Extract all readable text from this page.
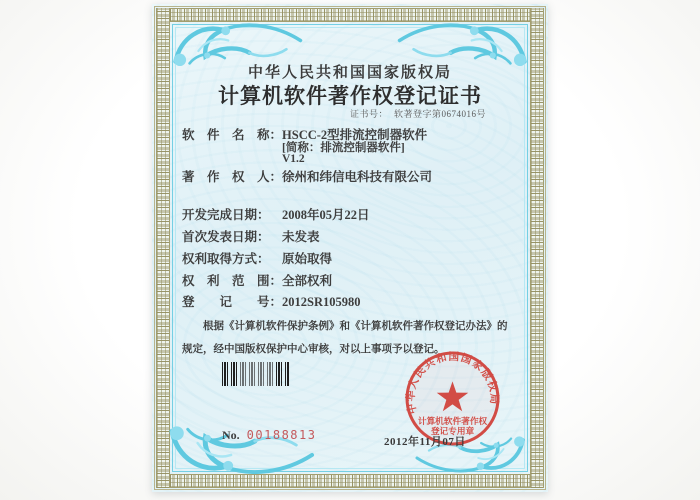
中华人民共和国国家版权局
计算机软件著作权登记证书
证书号： 软著登字第0674016号
软　件　名　称：HSCC-2型排流控制器软件
[简称：排流控制器软件]
V1.2
著　作　权　人：徐州和纬信电科技有限公司
开发完成日期： 2008年05月22日
首次发表日期： 未发表
权利取得方式： 原始取得
权　利　范　围：全部权利
登　　记　　号：2012SR105980
根据《计算机软件保护条例》和《计算机软件著作权登记办法》的
规定，经中国版权保护中心审核，对以上事项予以登记。
No. 00188813
中华人民共和国国家版权局
计算机软件著作权
登记专用章
2012年11月07日
